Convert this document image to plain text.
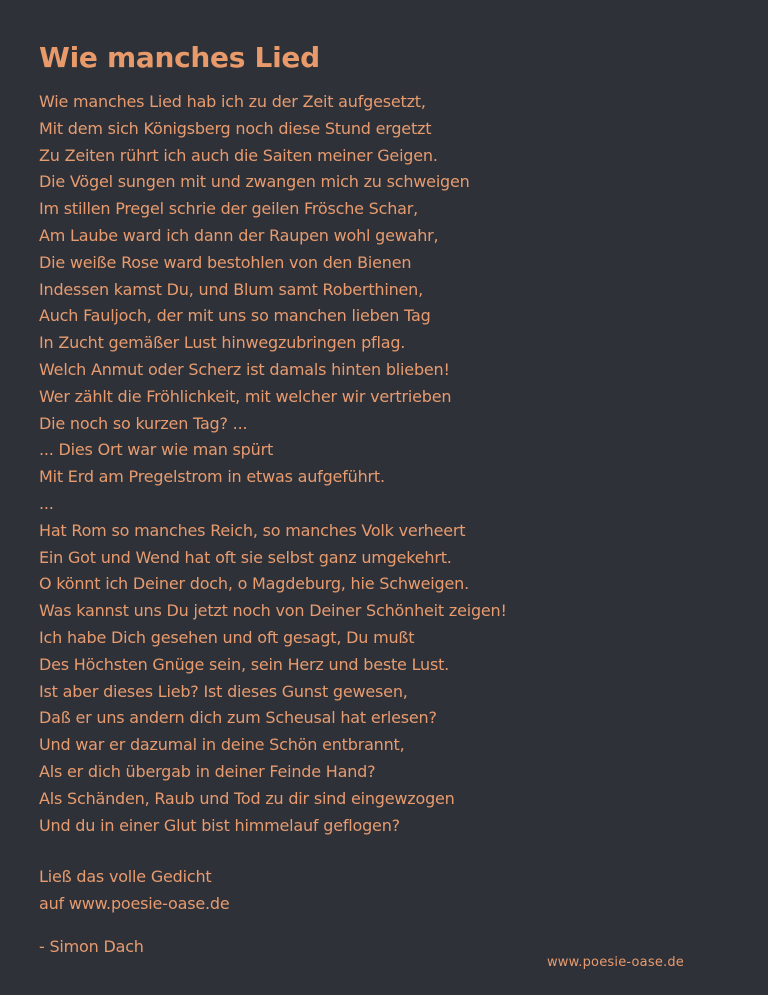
Wie manches Lied
Wie manches Lied hab ich zu der Zeit aufgesetzt,
Mit dem sich Königsberg noch diese Stund ergetzt
Zu Zeiten rührt ich auch die Saiten meiner Geigen.
Die Vögel sungen mit und zwangen mich zu schweigen
Im stillen Pregel schrie der geilen Frösche Schar,
Am Laube ward ich dann der Raupen wohl gewahr,
Die weiße Rose ward bestohlen von den Bienen
Indessen kamst Du, und Blum samt Roberthinen,
Auch Fauljoch, der mit uns so manchen lieben Tag
In Zucht gemäßer Lust hinwegzubringen pflag.
Welch Anmut oder Scherz ist damals hinten blieben!
Wer zählt die Fröhlichkeit, mit welcher wir vertrieben
Die noch so kurzen Tag? ...
... Dies Ort war wie man spürt
Mit Erd am Pregelstrom in etwas aufgeführt.
...
Hat Rom so manches Reich, so manches Volk verheert
Ein Got und Wend hat oft sie selbst ganz umgekehrt.
O könnt ich Deiner doch, o Magdeburg, hie Schweigen.
Was kannst uns Du jetzt noch von Deiner Schönheit zeigen!
Ich habe Dich gesehen und oft gesagt, Du mußt
Des Höchsten Gnüge sein, sein Herz und beste Lust.
Ist aber dieses Lieb? Ist dieses Gunst gewesen,
Daß er uns andern dich zum Scheusal hat erlesen?
Und war er dazumal in deine Schön entbrannt,
Als er dich übergab in deiner Feinde Hand?
Als Schänden, Raub und Tod zu dir sind eingewzogen
Und du in einer Glut bist himmelauf geflogen?
Ließ das volle Gedicht
auf www.poesie-oase.de
- Simon Dach
www.poesie-oase.de
